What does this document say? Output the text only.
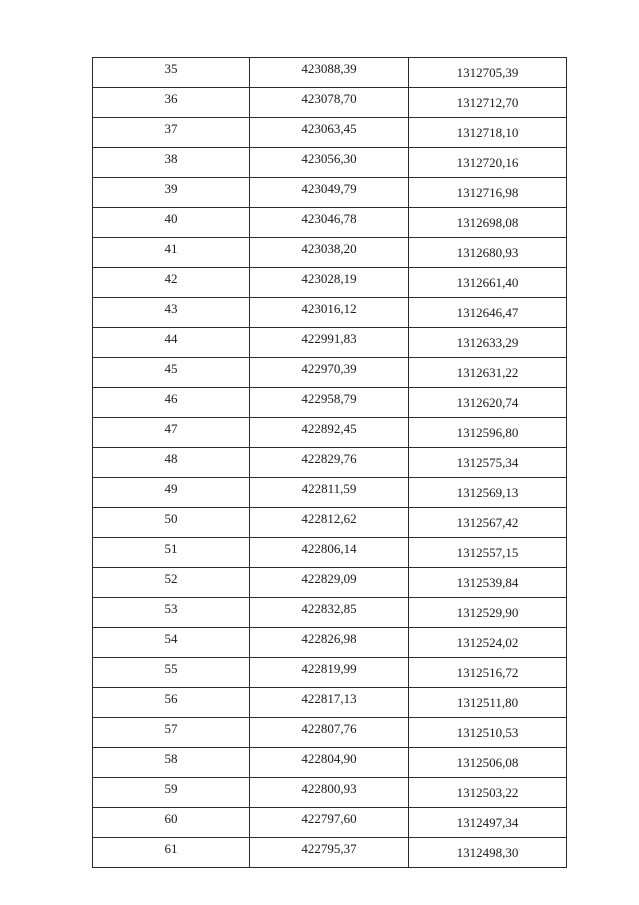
35	423088,39	1312705,39
36	423078,70	1312712,70
37	423063,45	1312718,10
38	423056,30	1312720,16
39	423049,79	1312716,98
40	423046,78	1312698,08
41	423038,20	1312680,93
42	423028,19	1312661,40
43	423016,12	1312646,47
44	422991,83	1312633,29
45	422970,39	1312631,22
46	422958,79	1312620,74
47	422892,45	1312596,80
48	422829,76	1312575,34
49	422811,59	1312569,13
50	422812,62	1312567,42
51	422806,14	1312557,15
52	422829,09	1312539,84
53	422832,85	1312529,90
54	422826,98	1312524,02
55	422819,99	1312516,72
56	422817,13	1312511,80
57	422807,76	1312510,53
58	422804,90	1312506,08
59	422800,93	1312503,22
60	422797,60	1312497,34
61	422795,37	1312498,30
